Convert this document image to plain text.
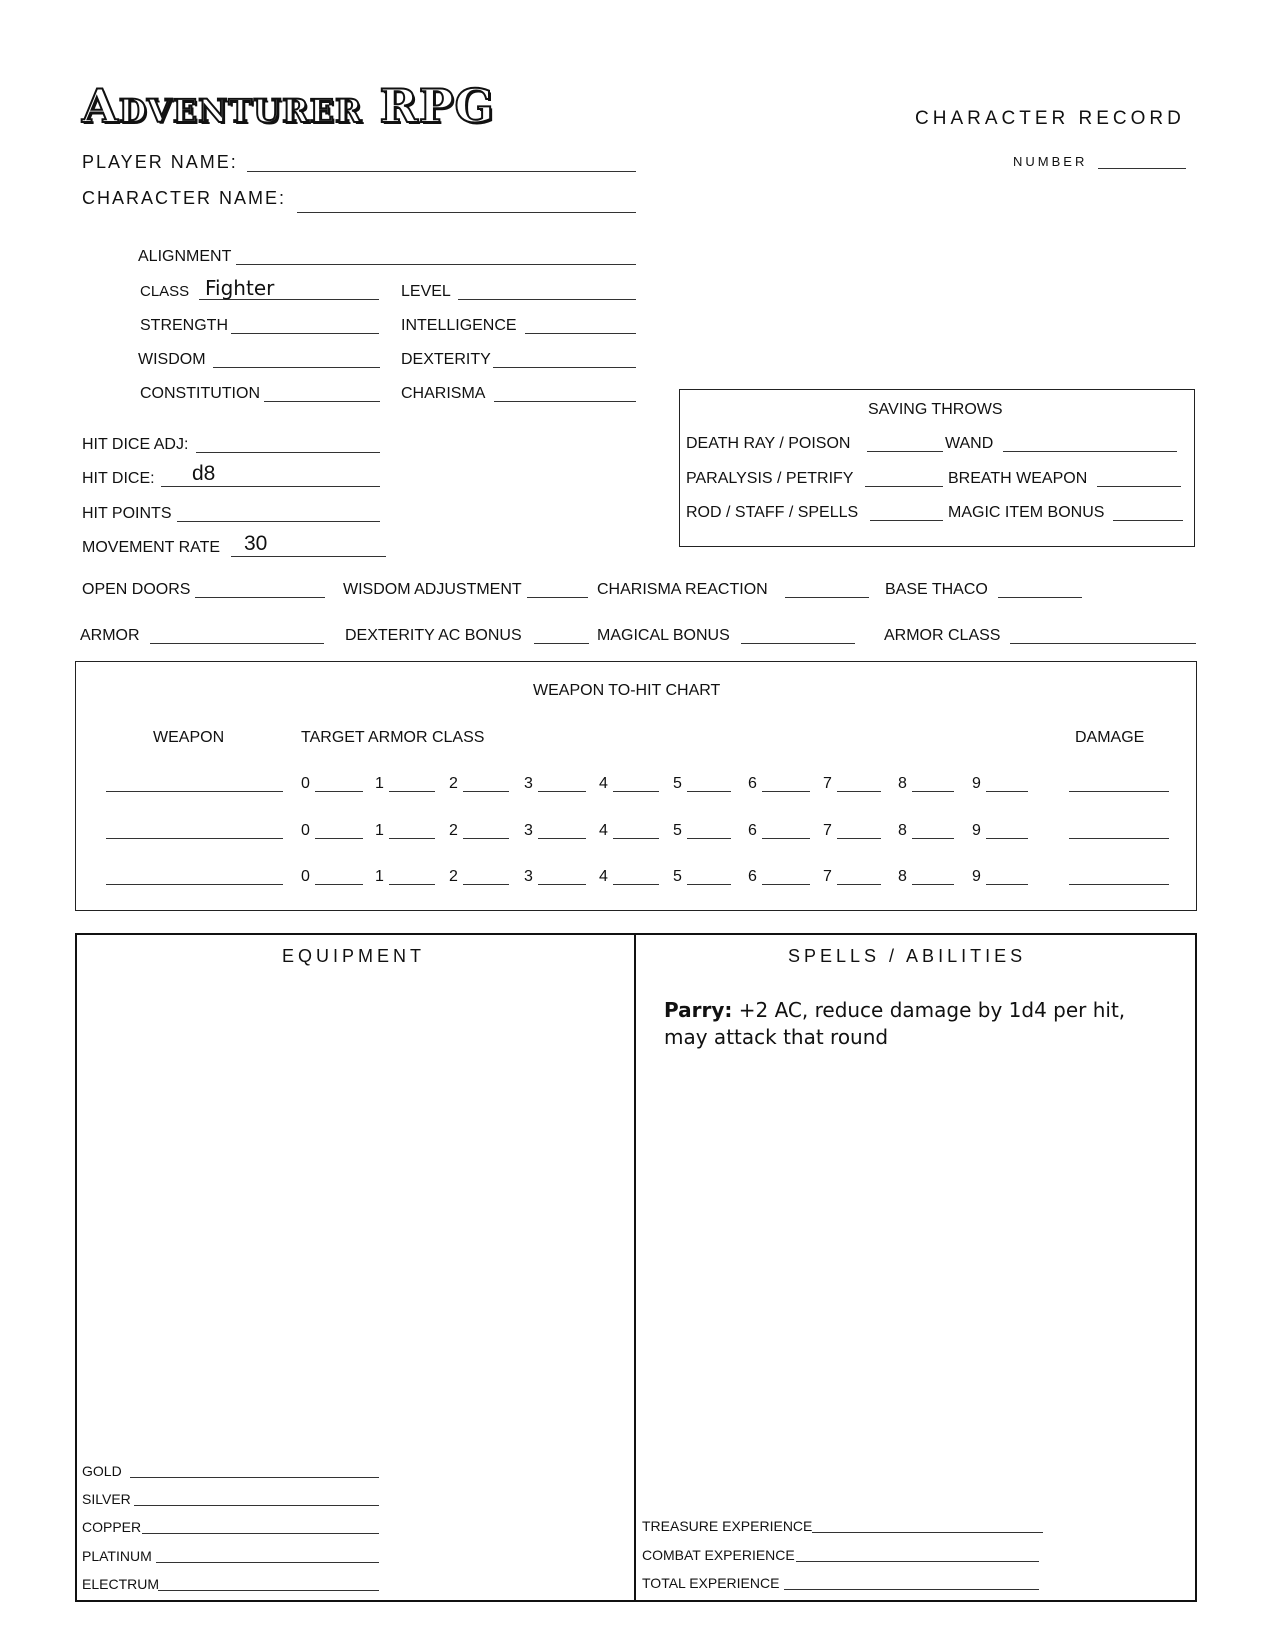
Adventurer RPG	CHARACTER RECORD
NUMBER
PLAYER NAME:
CHARACTER NAME:
ALIGNMENT
CLASS Fighter	LEVEL
STRENGTH	INTELLIGENCE
WISDOM	DEXTERITY
CONSTITUTION	CHARISMA
HIT DICE ADJ:
HIT DICE: d8
HIT POINTS
MOVEMENT RATE 30
SAVING THROWS
DEATH RAY / POISON	WAND
PARALYSIS / PETRIFY	BREATH WEAPON
ROD / STAFF / SPELLS	MAGIC ITEM BONUS
OPEN DOORS	WISDOM ADJUSTMENT	CHARISMA REACTION	BASE THACO
ARMOR	DEXTERITY AC BONUS	MAGICAL BONUS	ARMOR CLASS
WEAPON TO-HIT CHART
WEAPON	TARGET ARMOR CLASS	DAMAGE
0	1	2	3	4	5	6	7	8	9
0	1	2	3	4	5	6	7	8	9
0	1	2	3	4	5	6	7	8	9
EQUIPMENT	SPELLS / ABILITIES
Parry: +2 AC, reduce damage by 1d4 per hit, may attack that round
GOLD
SILVER
COPPER
PLATINUM
ELECTRUM
TREASURE EXPERIENCE
COMBAT EXPERIENCE
TOTAL EXPERIENCE
